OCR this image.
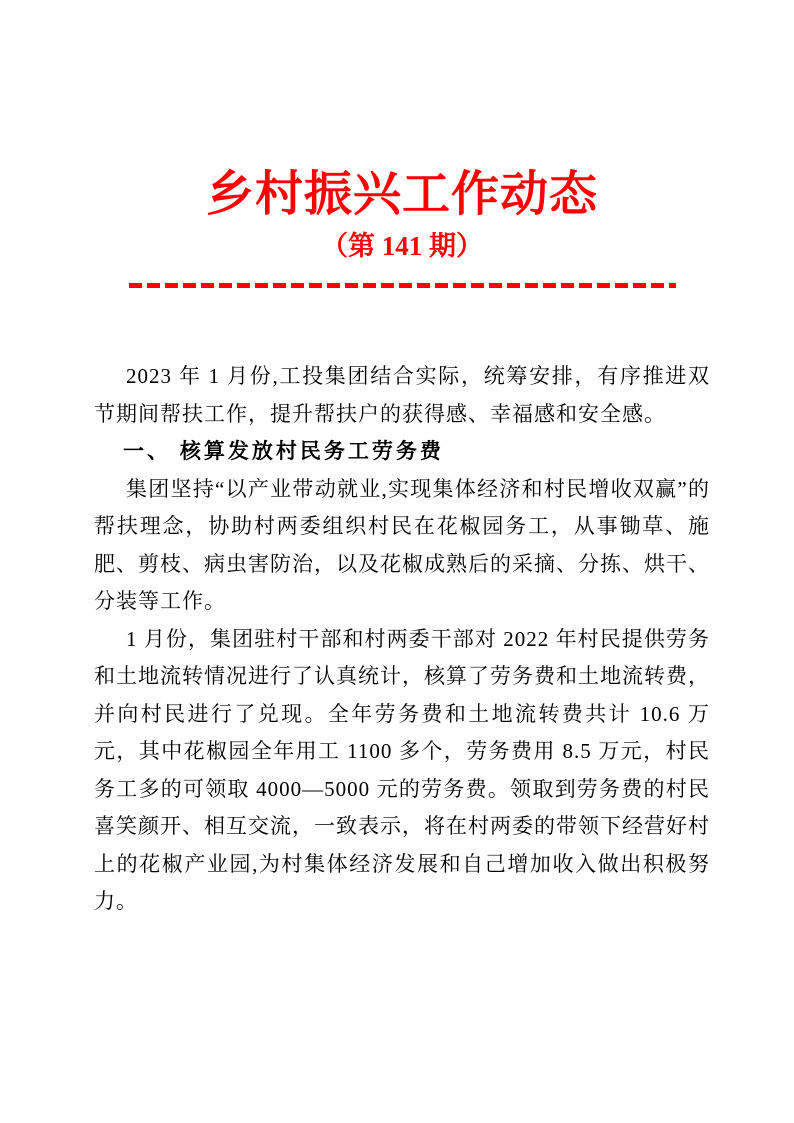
乡村振兴工作动态
（第 141 期）

2023 年 1 月份,工投集团结合实际，统筹安排，有序推进双节期间帮扶工作，提升帮扶户的获得感、幸福感和安全感。

一、 核算发放村民务工劳务费

集团坚持“以产业带动就业,实现集体经济和村民增收双赢”的帮扶理念，协助村两委组织村民在花椒园务工，从事锄草、施肥、剪枝、病虫害防治，以及花椒成熟后的采摘、分拣、烘干、分装等工作。

1 月份，集团驻村干部和村两委干部对 2022 年村民提供劳务和土地流转情况进行了认真统计，核算了劳务费和土地流转费，并向村民进行了兑现。全年劳务费和土地流转费共计 10.6 万元，其中花椒园全年用工 1100 多个，劳务费用 8.5 万元，村民务工多的可领取 4000—5000 元的劳务费。领取到劳务费的村民喜笑颜开、相互交流，一致表示，将在村两委的带领下经营好村上的花椒产业园,为村集体经济发展和自己增加收入做出积极努力。
